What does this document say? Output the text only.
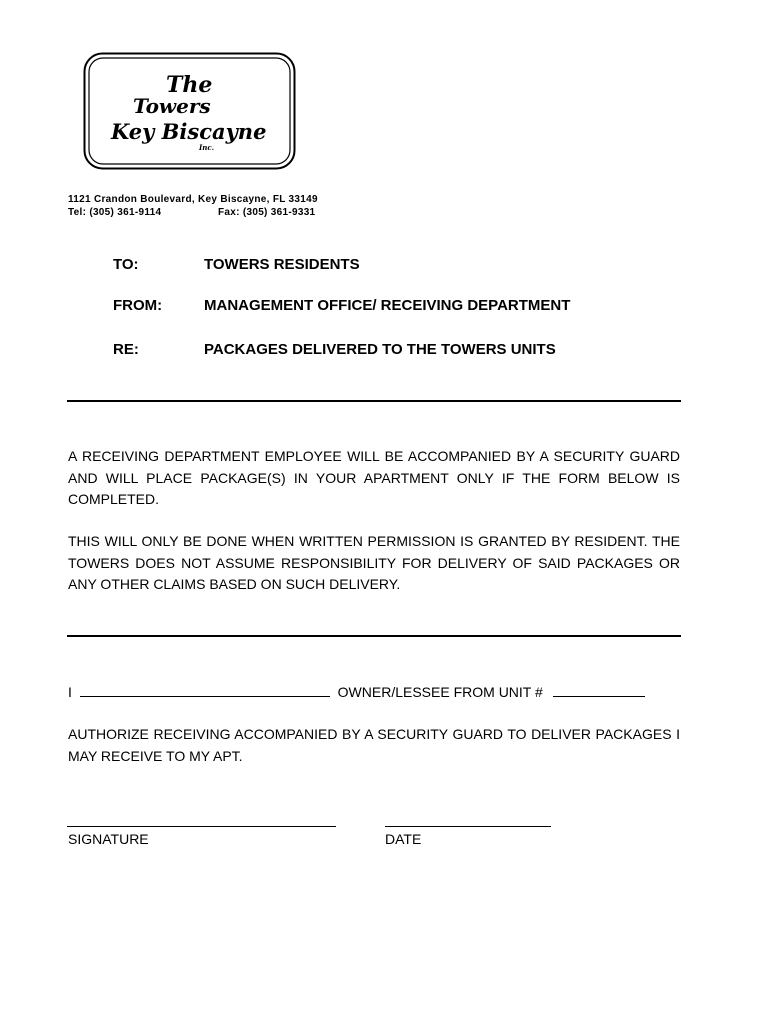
The
Towers
Key Biscayne
Inc.
1121 Crandon Boulevard, Key Biscayne, FL 33149
Tel: (305) 361-9114	Fax: (305) 361-9331
TO:	TOWERS RESIDENTS
FROM:	MANAGEMENT OFFICE/ RECEIVING DEPARTMENT
RE:	PACKAGES DELIVERED TO THE TOWERS UNITS
A RECEIVING DEPARTMENT EMPLOYEE WILL BE ACCOMPANIED BY A SECURITY GUARD AND WILL PLACE PACKAGE(S) IN YOUR APARTMENT ONLY IF THE FORM BELOW IS COMPLETED.
THIS WILL ONLY BE DONE WHEN WRITTEN PERMISSION IS GRANTED BY RESIDENT. THE TOWERS DOES NOT ASSUME RESPONSIBILITY FOR DELIVERY OF SAID PACKAGES OR ANY OTHER CLAIMS BASED ON SUCH DELIVERY.
I	OWNER/LESSEE FROM UNIT #
AUTHORIZE RECEIVING ACCOMPANIED BY A SECURITY GUARD TO DELIVER PACKAGES I MAY RECEIVE TO MY APT.
SIGNATURE	DATE
